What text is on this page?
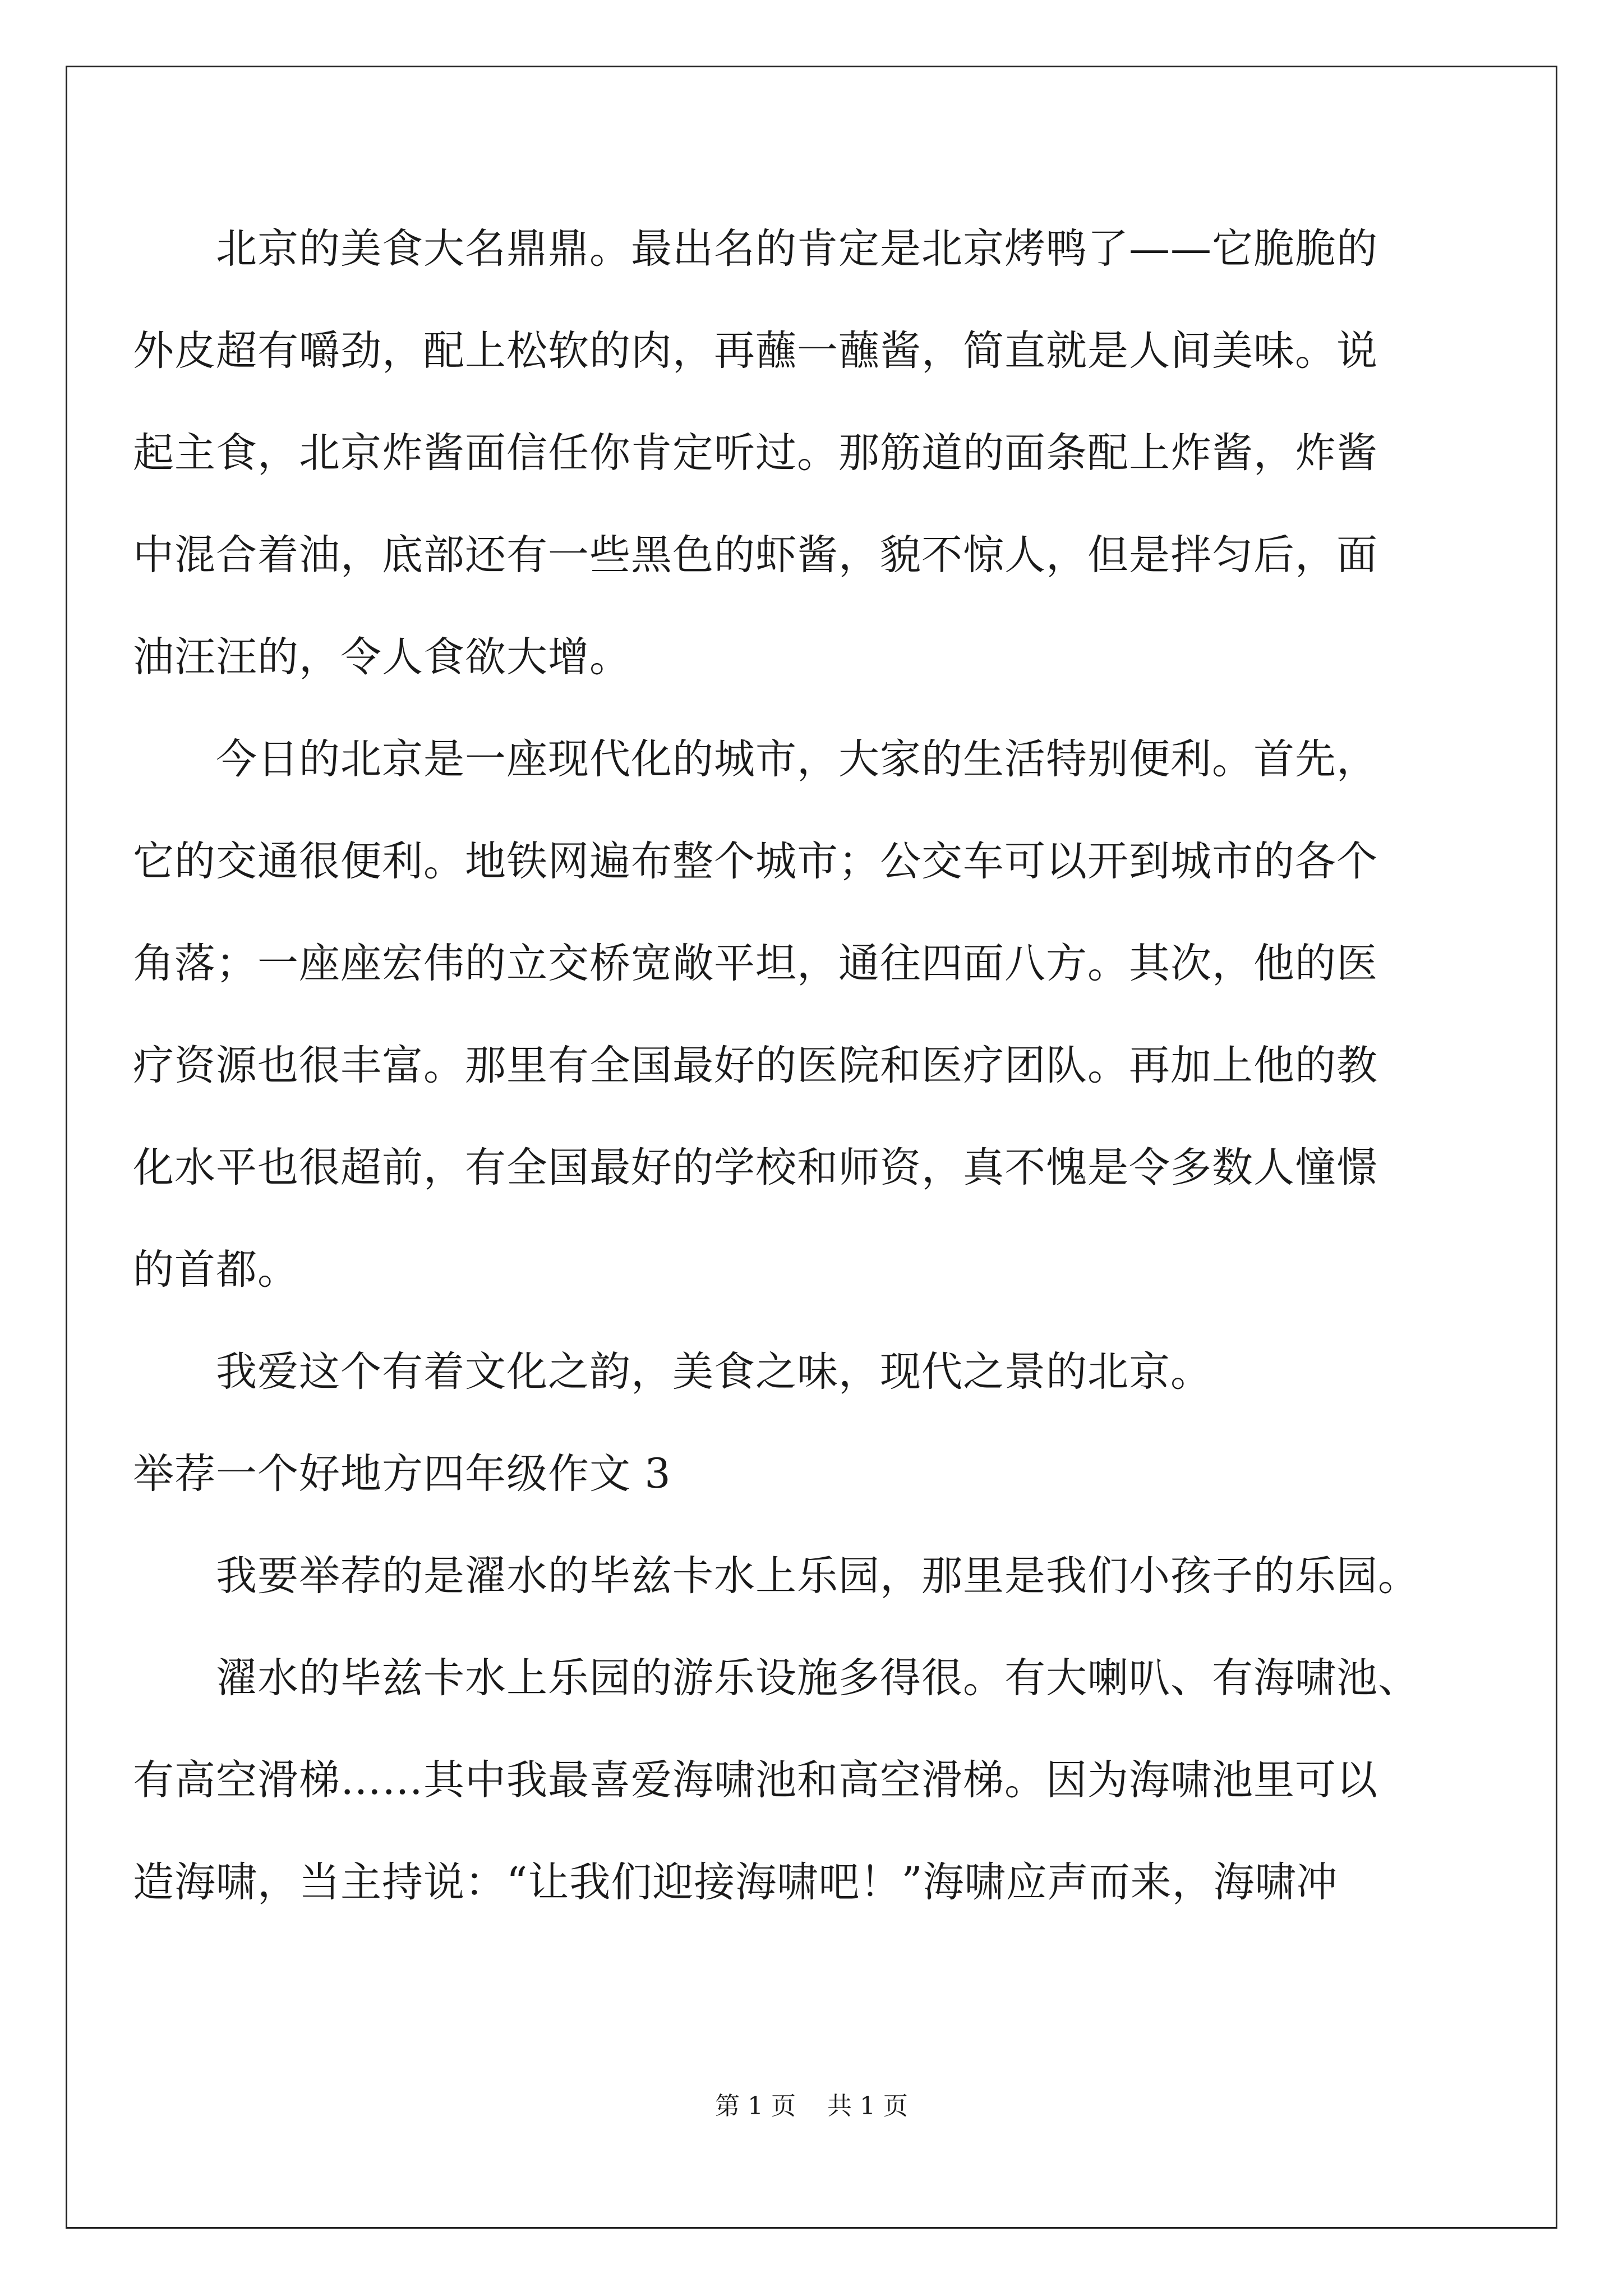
北京的美食大名鼎鼎。最出名的肯定是北京烤鸭了——它脆脆的
外皮超有嚼劲，配上松软的肉，再蘸一蘸酱，简直就是人间美味。说
起主食，北京炸酱面信任你肯定听过。那筋道的面条配上炸酱，炸酱
中混合着油，底部还有一些黑色的虾酱，貌不惊人，但是拌匀后，面
油汪汪的，令人食欲大增。
今日的北京是一座现代化的城市，大家的生活特别便利。首先，
它的交通很便利。地铁网遍布整个城市；公交车可以开到城市的各个
角落；一座座宏伟的立交桥宽敞平坦，通往四面八方。其次，他的医
疗资源也很丰富。那里有全国最好的医院和医疗团队。再加上他的教
化水平也很超前，有全国最好的学校和师资，真不愧是令多数人憧憬
的首都。
我爱这个有着文化之韵，美食之味，现代之景的北京。
举荐一个好地方四年级作文 3
我要举荐的是濯水的毕兹卡水上乐园，那里是我们小孩子的乐园。
濯水的毕兹卡水上乐园的游乐设施多得很。有大喇叭、有海啸池、
有高空滑梯……其中我最喜爱海啸池和高空滑梯。因为海啸池里可以
造海啸，当主持说：“让我们迎接海啸吧！”海啸应声而来，海啸冲
第 1 页    共 1 页
